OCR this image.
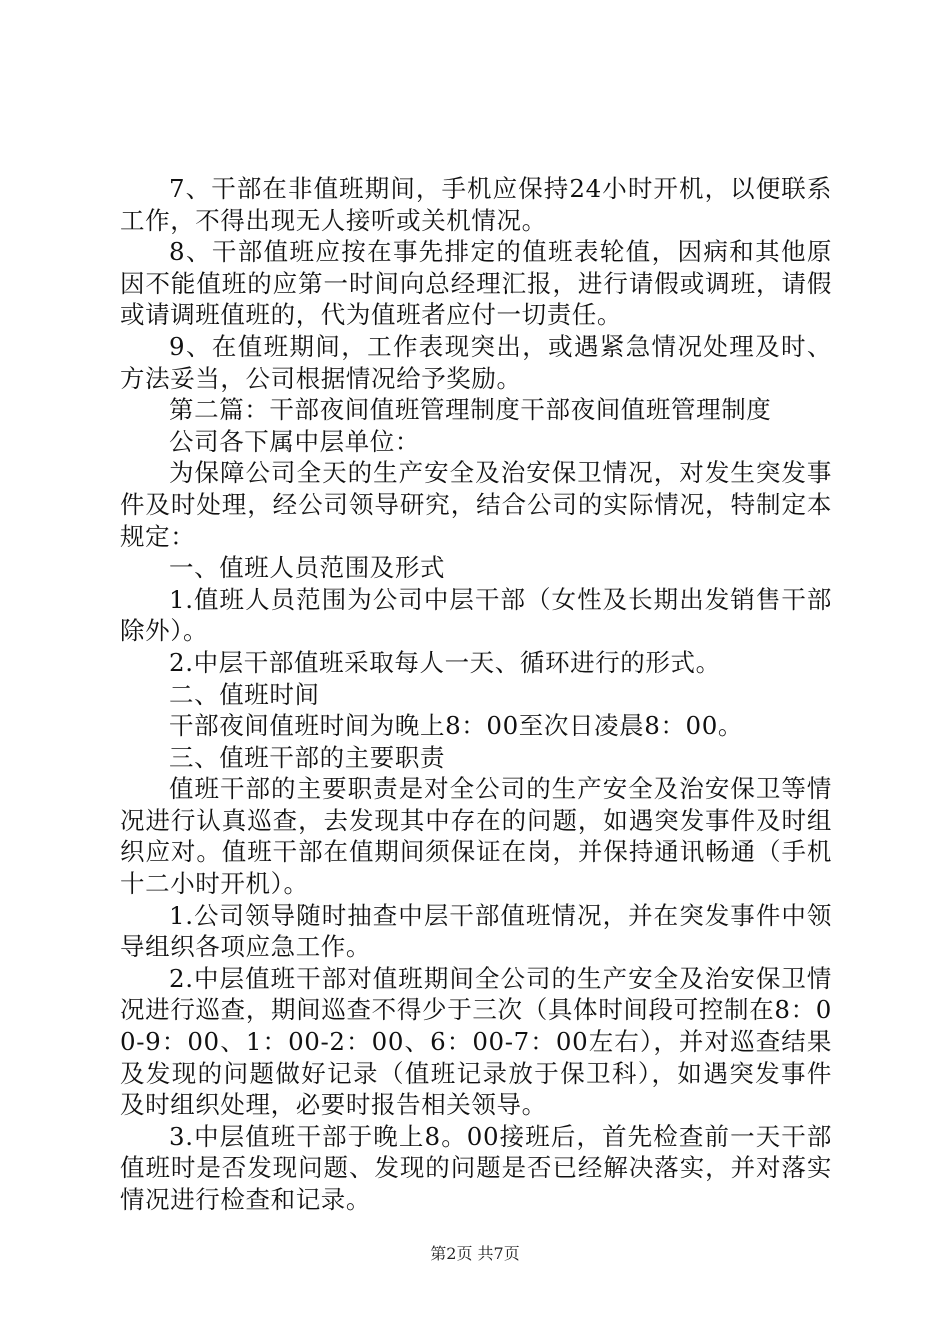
7、干部在非值班期间，手机应保持24小时开机，以便联系工作，不得出现无人接听或关机情况。

8、干部值班应按在事先排定的值班表轮值，因病和其他原因不能值班的应第一时间向总经理汇报，进行请假或调班，请假或请调班值班的，代为值班者应付一切责任。

9、在值班期间，工作表现突出，或遇紧急情况处理及时、方法妥当，公司根据情况给予奖励。

第二篇：干部夜间值班管理制度干部夜间值班管理制度

公司各下属中层单位：

为保障公司全天的生产安全及治安保卫情况，对发生突发事件及时处理，经公司领导研究，结合公司的实际情况，特制定本规定：

一、值班人员范围及形式

1.值班人员范围为公司中层干部（女性及长期出发销售干部除外）。

2.中层干部值班采取每人一天、循环进行的形式。

二、值班时间

干部夜间值班时间为晚上8：00至次日凌晨8：00。

三、值班干部的主要职责

值班干部的主要职责是对全公司的生产安全及治安保卫等情况进行认真巡查，去发现其中存在的问题，如遇突发事件及时组织应对。值班干部在值期间须保证在岗，并保持通讯畅通（手机十二小时开机）。

1.公司领导随时抽查中层干部值班情况，并在突发事件中领导组织各项应急工作。

2.中层值班干部对值班期间全公司的生产安全及治安保卫情况进行巡查，期间巡查不得少于三次（具体时间段可控制在8：00-9：00、1：00-2：00、6：00-7：00左右），并对巡查结果及发现的问题做好记录（值班记录放于保卫科），如遇突发事件及时组织处理，必要时报告相关领导。

3.中层值班干部于晚上8。00接班后，首先检查前一天干部值班时是否发现问题、发现的问题是否已经解决落实，并对落实情况进行检查和记录。

第2页 共7页
